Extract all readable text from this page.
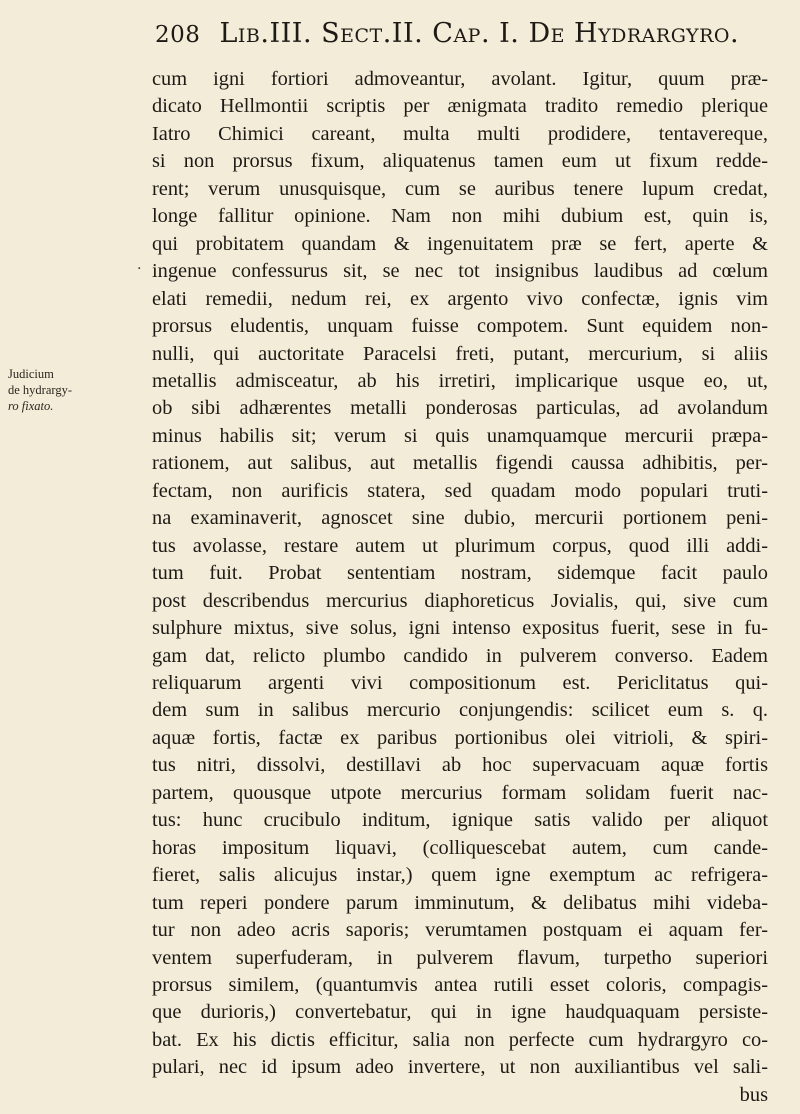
208 Lib.III. Sect.II. Cap. I. De Hydrargyro.
.
Judicium
de hydrargy-
ro fixato.
cum igni fortiori admoveantur, avolant. Igitur, quum præ-
dicato Hellmontii scriptis per ænigmata tradito remedio plerique
Iatro Chimici careant, multa multi prodidere, tentavereque,
si non prorsus fixum, aliquatenus tamen eum ut fixum redde-
rent; verum unusquisque, cum se auribus tenere lupum credat,
longe fallitur opinione. Nam non mihi dubium est, quin is,
qui probitatem quandam & ingenuitatem præ se fert, aperte &
ingenue confessurus sit, se nec tot insignibus laudibus ad cœlum
elati remedii, nedum rei, ex argento vivo confectæ, ignis vim
prorsus eludentis, unquam fuisse compotem. Sunt equidem non-
nulli, qui auctoritate Paracelsi freti, putant, mercurium, si aliis
metallis admisceatur, ab his irretiri, implicarique usque eo, ut,
ob sibi adhærentes metalli ponderosas particulas, ad avolandum
minus habilis sit; verum si quis unamquamque mercurii præpa-
rationem, aut salibus, aut metallis figendi caussa adhibitis, per-
fectam, non aurificis statera, sed quadam modo populari truti-
na examinaverit, agnoscet sine dubio, mercurii portionem peni-
tus avolasse, restare autem ut plurimum corpus, quod illi addi-
tum fuit. Probat sententiam nostram, sidemque facit paulo
post describendus mercurius diaphoreticus Jovialis, qui, sive cum
sulphure mixtus, sive solus, igni intenso expositus fuerit, sese in fu-
gam dat, relicto plumbo candido in pulverem converso. Eadem
reliquarum argenti vivi compositionum est. Periclitatus qui-
dem sum in salibus mercurio conjungendis: scilicet eum s. q.
aquæ fortis, factæ ex paribus portionibus olei vitrioli, & spiri-
tus nitri, dissolvi, destillavi ab hoc supervacuam aquæ fortis
partem, quousque utpote mercurius formam solidam fuerit nac-
tus: hunc crucibulo inditum, ignique satis valido per aliquot
horas impositum liquavi, (colliquescebat autem, cum cande-
fieret, salis alicujus instar,) quem igne exemptum ac refrigera-
tum reperi pondere parum imminutum, & delibatus mihi videba-
tur non adeo acris saporis; verumtamen postquam ei aquam fer-
ventem superfuderam, in pulverem flavum, turpetho superiori
prorsus similem, (quantumvis antea rutili esset coloris, compagis-
que durioris,) convertebatur, qui in igne haudquaquam persiste-
bat. Ex his dictis efficitur, salia non perfecte cum hydrargyro co-
pulari, nec id ipsum adeo invertere, ut non auxiliantibus vel sali-
bus
